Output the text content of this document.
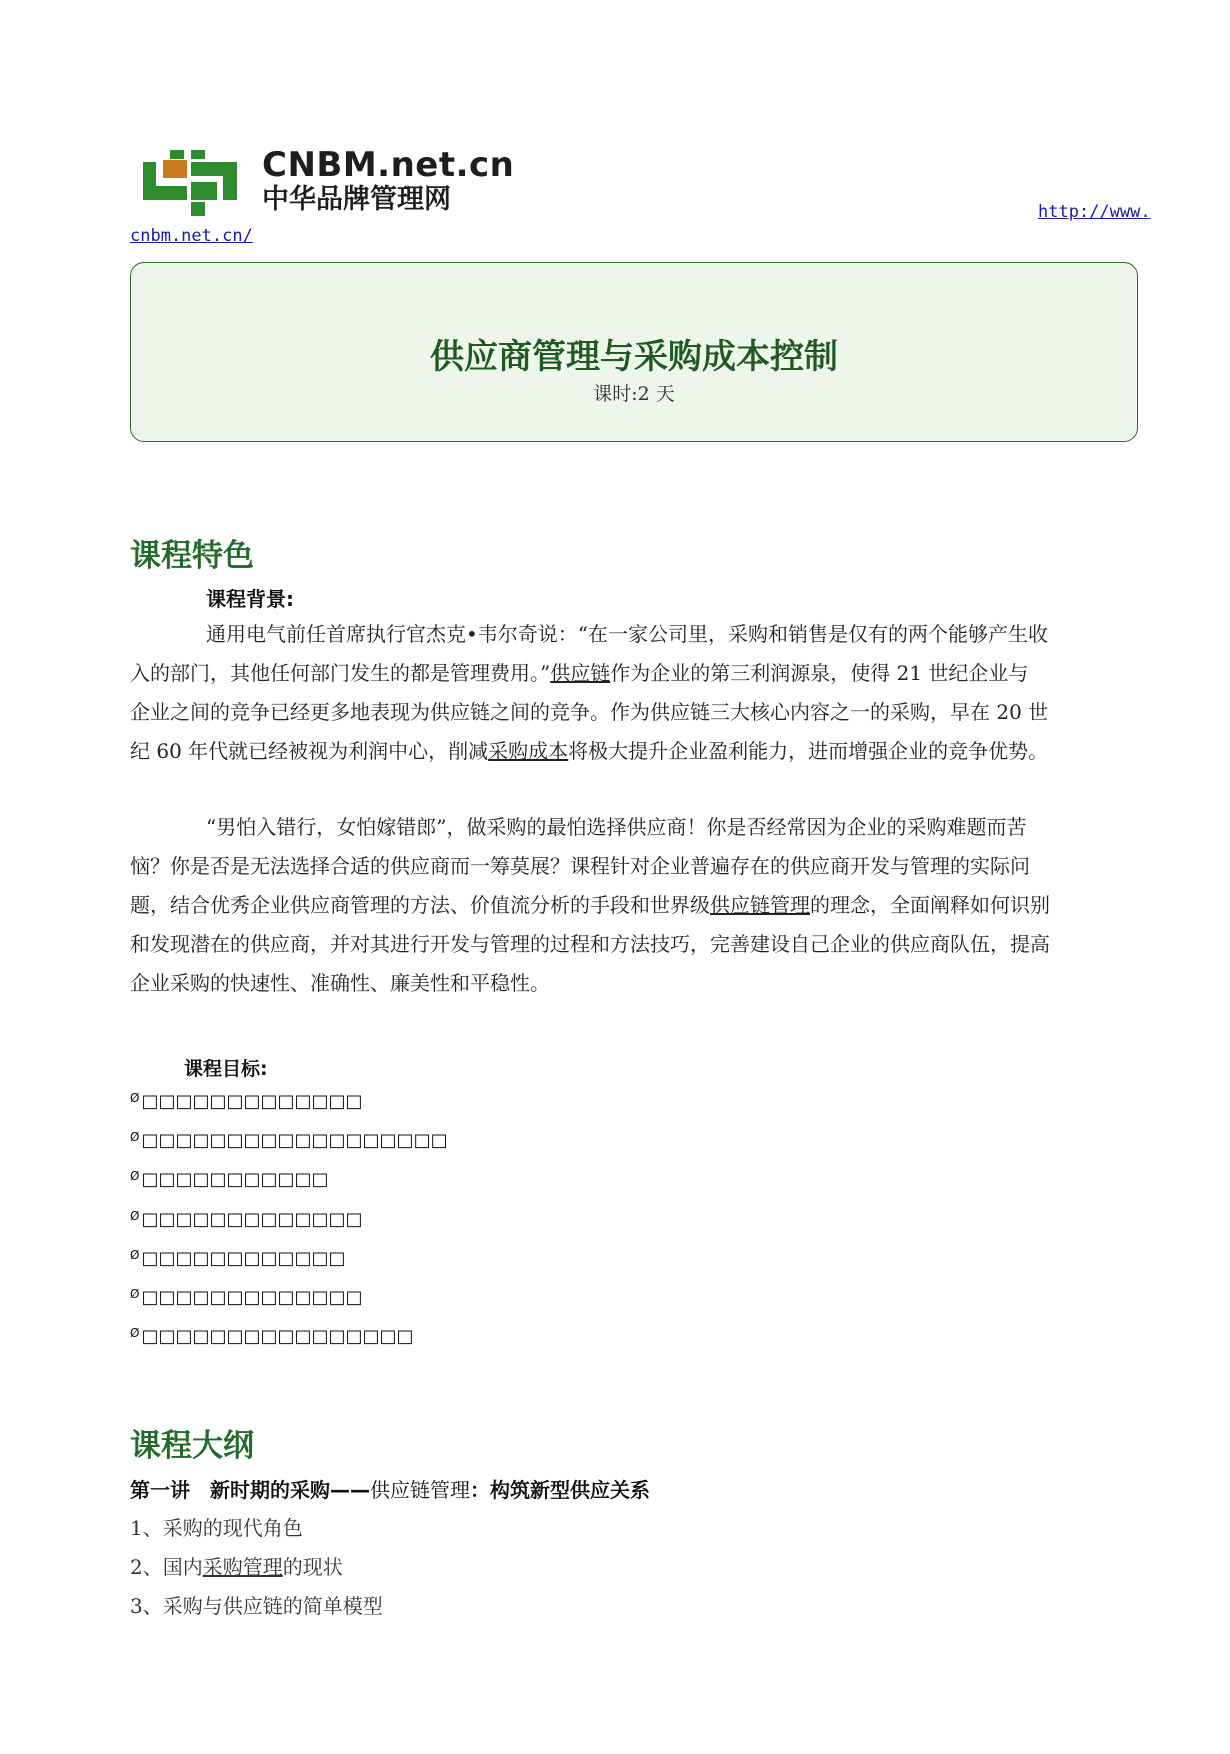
CNBM.net.cn
中华品牌管理网	http://www.
cnbm.net.cn/
供应商管理与采购成本控制
课时:2 天
课程特色
课程背景:
通用电气前任首席执行官杰克•韦尔奇说：“在一家公司里，采购和销售是仅有的两个能够产生收
入的部门，其他任何部门发生的都是管理费用。”供应链作为企业的第三利润源泉，使得 21 世纪企业与
企业之间的竞争已经更多地表现为供应链之间的竞争。作为供应链三大核心内容之一的采购，早在 20 世
纪 60 年代就已经被视为利润中心，削减采购成本将极大提升企业盈利能力，进而增强企业的竞争优势。
“男怕入错行，女怕嫁错郎”，做采购的最怕选择供应商！你是否经常因为企业的采购难题而苦
恼？你是否是无法选择合适的供应商而一筹莫展？课程针对企业普遍存在的供应商开发与管理的实际问
题，结合优秀企业供应商管理的方法、价值流分析的手段和世界级供应链管理的理念，全面阐释如何识别
和发现潜在的供应商，并对其进行开发与管理的过程和方法技巧，完善建设自己企业的供应商队伍，提高
企业采购的快速性、准确性、廉美性和平稳性。
课程目标:
$^Ø$ □□□□□□□□□□□□□
$^Ø$ □□□□□□□□□□□□□□□□□□
$^Ø$ □□□□□□□□□□□
$^Ø$ □□□□□□□□□□□□□
$^Ø$ □□□□□□□□□□□□
$^Ø$ □□□□□□□□□□□□□
$^Ø$ □□□□□□□□□□□□□□□□
课程大纲
第一讲　新时期的采购——供应链管理：构筑新型供应关系
1、采购的现代角色
2、国内采购管理的现状
3、采购与供应链的简单模型
